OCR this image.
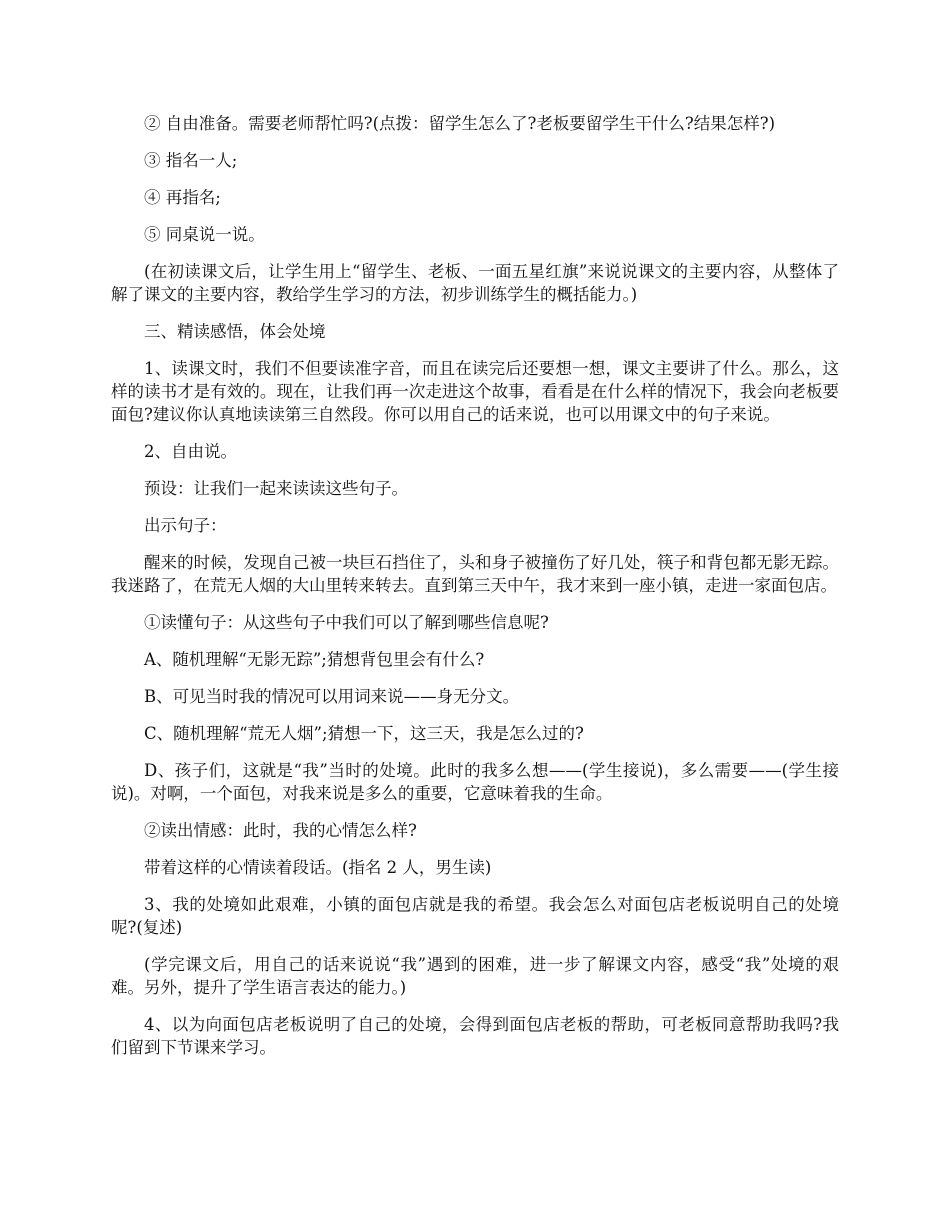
② 自由准备。需要老师帮忙吗?(点拨：留学生怎么了?老板要留学生干什么?结果怎样?)

③ 指名一人;

④ 再指名;

⑤ 同桌说一说。

(在初读课文后，让学生用上“留学生、老板、一面五星红旗”来说说课文的主要内容，从整体了解了课文的主要内容，教给学生学习的方法，初步训练学生的概括能力。)

三、精读感悟，体会处境

1、读课文时，我们不但要读准字音，而且在读完后还要想一想，课文主要讲了什么。那么，这样的读书才是有效的。现在，让我们再一次走进这个故事，看看是在什么样的情况下，我会向老板要面包?建议你认真地读读第三自然段。你可以用自己的话来说，也可以用课文中的句子来说。

2、自由说。

预设：让我们一起来读读这些句子。

出示句子：

醒来的时候，发现自己被一块巨石挡住了，头和身子被撞伤了好几处，筷子和背包都无影无踪。我迷路了，在荒无人烟的大山里转来转去。直到第三天中午，我才来到一座小镇，走进一家面包店。

①读懂句子：从这些句子中我们可以了解到哪些信息呢?

A、随机理解“无影无踪”;猜想背包里会有什么?

B、可见当时我的情况可以用词来说——身无分文。

C、随机理解“荒无人烟”;猜想一下，这三天，我是怎么过的?

D、孩子们，这就是“我”当时的处境。此时的我多么想——(学生接说)，多么需要——(学生接说)。对啊，一个面包，对我来说是多么的重要，它意味着我的生命。

②读出情感：此时，我的心情怎么样?

带着这样的心情读着段话。(指名 2 人，男生读)

3、我的处境如此艰难，小镇的面包店就是我的希望。我会怎么对面包店老板说明自己的处境呢?(复述)

(学完课文后，用自己的话来说说“我”遇到的困难，进一步了解课文内容，感受“我”处境的艰难。另外，提升了学生语言表达的能力。)

4、以为向面包店老板说明了自己的处境，会得到面包店老板的帮助，可老板同意帮助我吗?我们留到下节课来学习。
